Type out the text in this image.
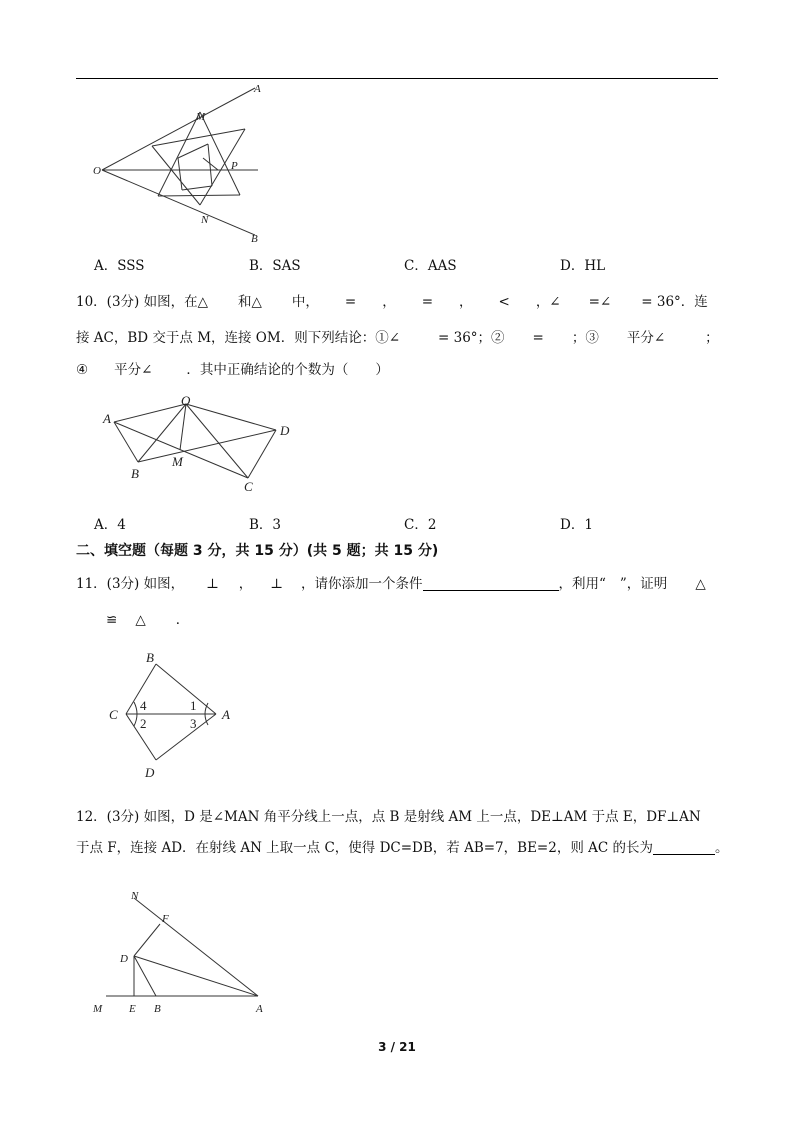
A
M
O	P
N
B
A．SSS	B．SAS	C．AAS	D．HL
10．(3分) 如图，在△ 和△ 中， = ， = ， < ，∠ =∠ = 36°．连
接 AC，BD 交于点 M，连接 OM．则下列结论：①∠	= 36°；② = ；③ 平分∠	；
④ 平分∠	．其中正确结论的个数为（　　）
A
O
D
B
M
C
A．4	B．3	C．2	D．1
二、填空题（每题 3 分，共 15 分）(共 5 题；共 15 分)
11．(3分) 如图， ⊥ ， ⊥ ，请你添加一个条件	，利用“ ”，证明 △
≌ △ ．
B
C	A
D
4
2
1
3
12．(3分) 如图，D 是∠MAN 角平分线上一点，点 B 是射线 AM 上一点，DE⊥AM 于点 E，DF⊥AN
于点 F，连接 AD．在射线 AN 上取一点 C，使得 DC=DB，若 AB=7，BE=2，则 AC 的长为	。
N
F
D
M E B	A
3 / 21
